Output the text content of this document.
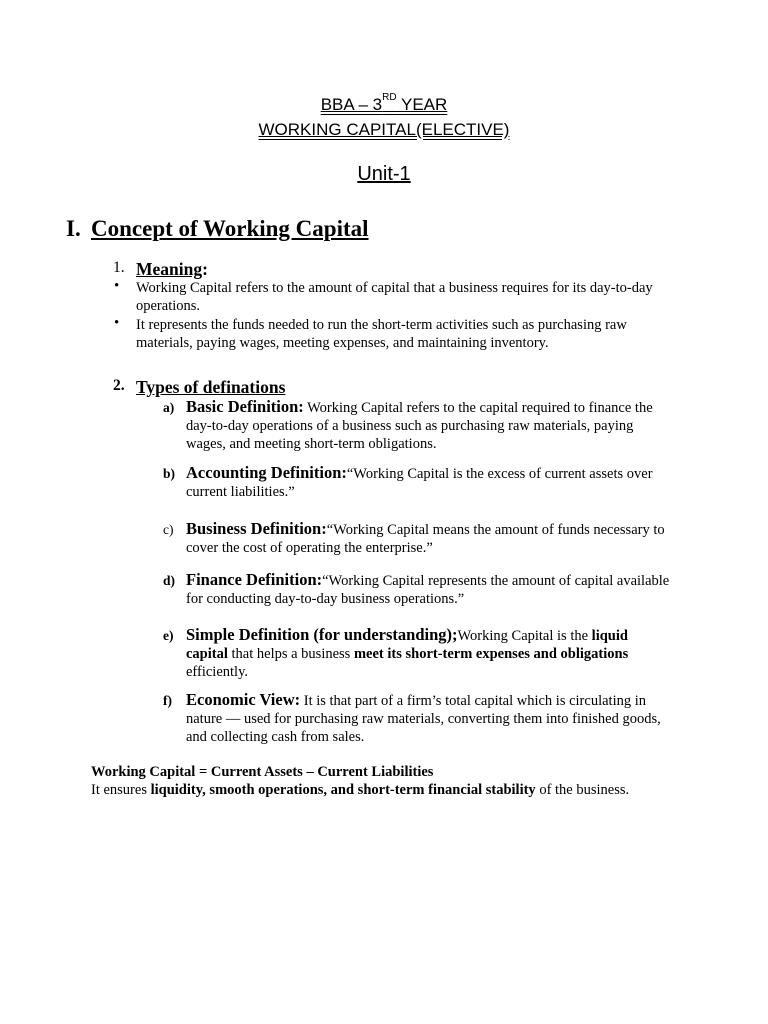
BBA – 3RD YEAR
WORKING CAPITAL(ELECTIVE)
Unit-1
I. Concept of Working Capital
1. Meaning:
• Working Capital refers to the amount of capital that a business requires for its day-to-day operations.
• It represents the funds needed to run the short-term activities such as purchasing raw materials, paying wages, meeting expenses, and maintaining inventory.
2. Types of definations
a) Basic Definition: Working Capital refers to the capital required to finance the day-to-day operations of a business such as purchasing raw materials, paying wages, and meeting short-term obligations.
b) Accounting Definition:“Working Capital is the excess of current assets over current liabilities.”
c) Business Definition:“Working Capital means the amount of funds necessary to cover the cost of operating the enterprise.”
d) Finance Definition:“Working Capital represents the amount of capital available for conducting day-to-day business operations.”
e) Simple Definition (for understanding);Working Capital is the liquid capital that helps a business meet its short-term expenses and obligations efficiently.
f) Economic View: It is that part of a firm’s total capital which is circulating in nature — used for purchasing raw materials, converting them into finished goods, and collecting cash from sales.
Working Capital = Current Assets – Current Liabilities
It ensures liquidity, smooth operations, and short-term financial stability of the business.
